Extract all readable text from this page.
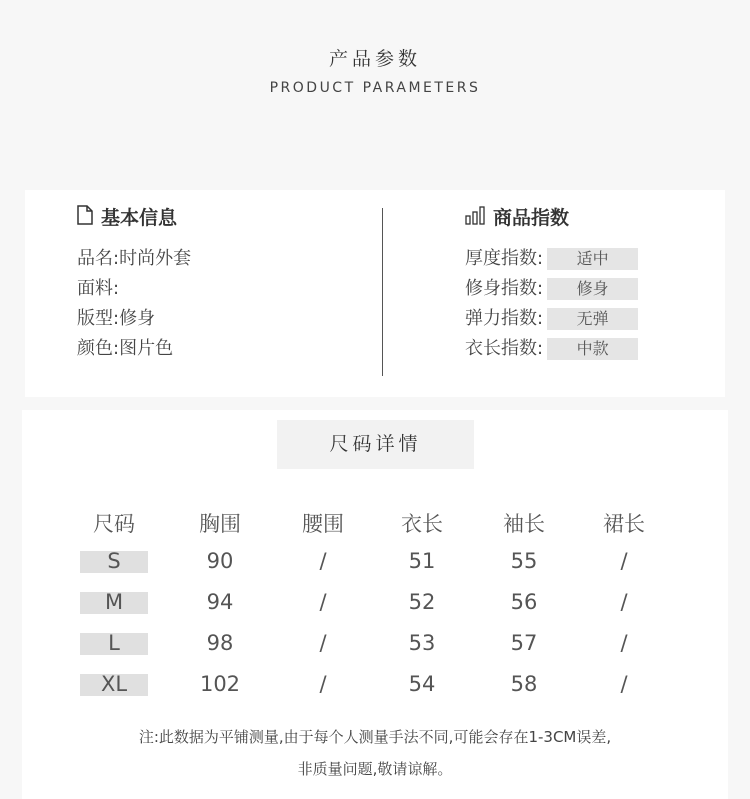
产品参数
PRODUCT PARAMETERS
基本信息
品名:时尚外套
面料:
版型:修身
颜色:图片色
商品指数
厚度指数:	适中
修身指数:	修身
弹力指数:	无弹
衣长指数:	中款
尺码详情
尺码	胸围	腰围	衣长	袖长	裙长
S	90	/	51	55	/
M	94	/	52	56	/
L	98	/	53	57	/
XL	102	/	54	58	/
注:此数据为平铺测量,由于每个人测量手法不同,可能会存在1-3CM误差,
非质量问题,敬请谅解。
